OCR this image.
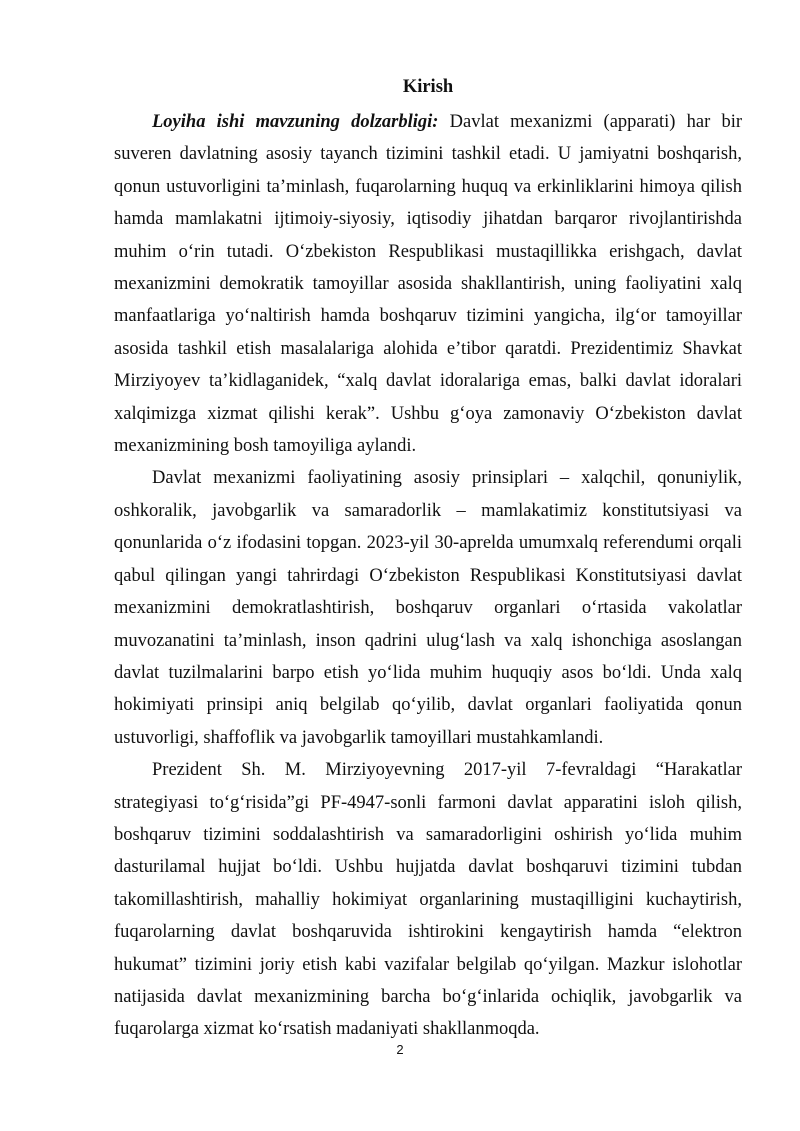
Kirish

Loyiha ishi mavzuning dolzarbligi: Davlat mexanizmi (apparati) har bir suveren davlatning asosiy tayanch tizimini tashkil etadi. U jamiyatni boshqarish, qonun ustuvorligini ta’minlash, fuqarolarning huquq va erkinliklarini himoya qilish hamda mamlakatni ijtimoiy-siyosiy, iqtisodiy jihatdan barqaror rivojlantirishda muhim o‘rin tutadi. O‘zbekiston Respublikasi mustaqillikka erishgach, davlat mexanizmini demokratik tamoyillar asosida shakllantirish, uning faoliyatini xalq manfaatlariga yo‘naltirish hamda boshqaruv tizimini yangicha, ilg‘or tamoyillar asosida tashkil etish masalalariga alohida e’tibor qaratdi. Prezidentimiz Shavkat Mirziyoyev ta’kidlaganidek, “xalq davlat idoralariga emas, balki davlat idoralari xalqimizga xizmat qilishi kerak”. Ushbu g‘oya zamonaviy O‘zbekiston davlat mexanizmining bosh tamoyiliga aylandi.

Davlat mexanizmi faoliyatining asosiy prinsiplari – xalqchil, qonuniylik, oshkoralik, javobgarlik va samaradorlik – mamlakatimiz konstitutsiyasi va qonunlarida o‘z ifodasini topgan. 2023-yil 30-aprelda umumxalq referendumi orqali qabul qilingan yangi tahrirdagi O‘zbekiston Respublikasi Konstitutsiyasi davlat mexanizmini demokratlashtirish, boshqaruv organlari o‘rtasida vakolatlar muvozanatini ta’minlash, inson qadrini ulug‘lash va xalq ishonchiga asoslangan davlat tuzilmalarini barpo etish yo‘lida muhim huquqiy asos bo‘ldi. Unda xalq hokimiyati prinsipi aniq belgilab qo‘yilib, davlat organlari faoliyatida qonun ustuvorligi, shaffoflik va javobgarlik tamoyillari mustahkamlandi.

Prezident Sh. M. Mirziyoyevning 2017-yil 7-fevraldagi “Harakatlar strategiyasi to‘g‘risida”gi PF-4947-sonli farmoni davlat apparatini isloh qilish, boshqaruv tizimini soddalashtirish va samaradorligini oshirish yo‘lida muhim dasturilamal hujjat bo‘ldi. Ushbu hujjatda davlat boshqaruvi tizimini tubdan takomillashtirish, mahalliy hokimiyat organlarining mustaqilligini kuchaytirish, fuqarolarning davlat boshqaruvida ishtirokini kengaytirish hamda “elektron hukumat” tizimini joriy etish kabi vazifalar belgilab qo‘yilgan. Mazkur islohotlar natijasida davlat mexanizmining barcha bo‘g‘inlarida ochiqlik, javobgarlik va fuqarolarga xizmat ko‘rsatish madaniyati shakllanmoqda.

2
